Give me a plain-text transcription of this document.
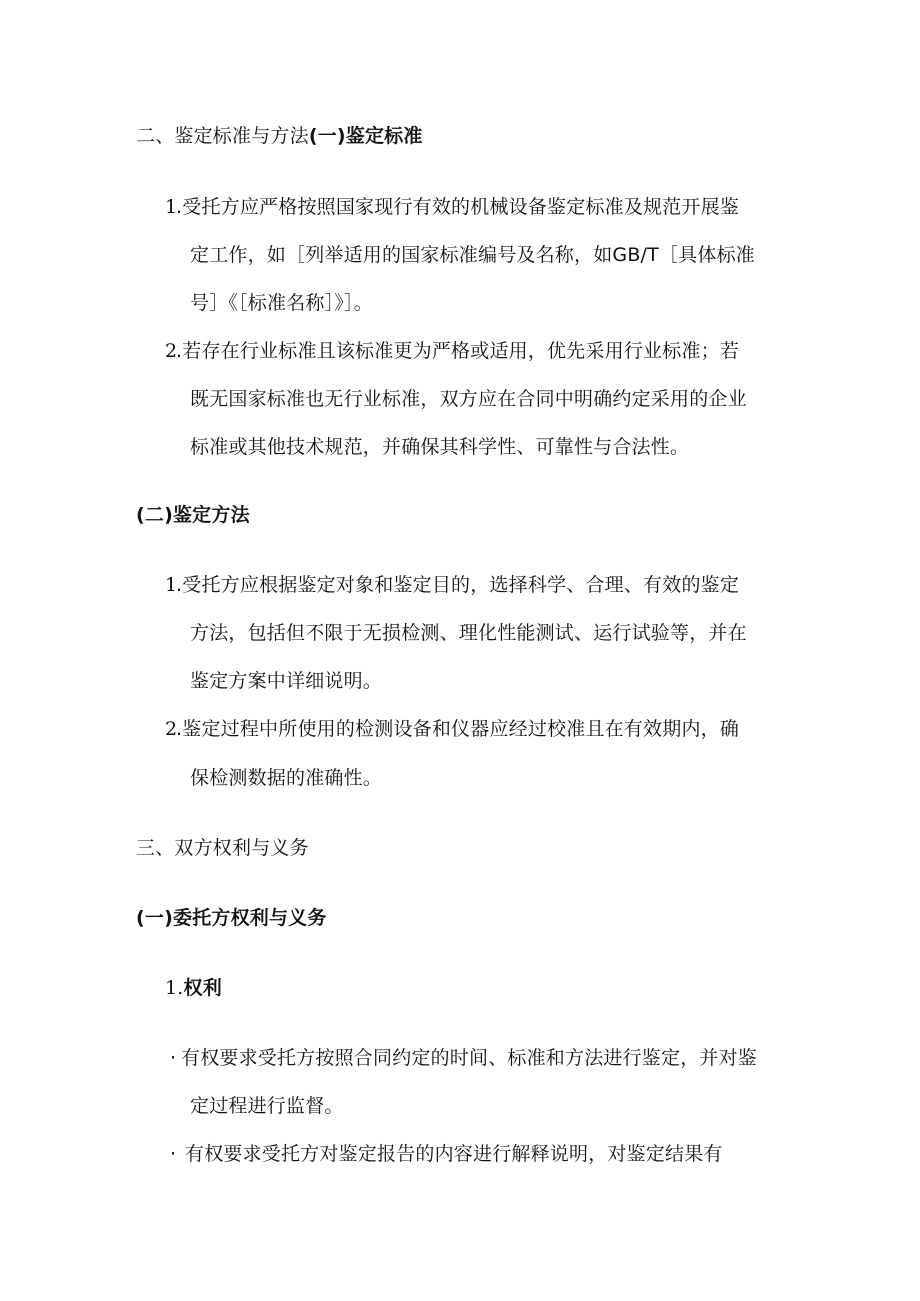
二、鉴定标准与方法(一)鉴定标准
1
.受托方应严格按照国家现行有效的机械设备鉴定标准及规范开展鉴
定工作，如［列举适用的国家标准编号及名称，如GB/T［具体标准
号］《［标准名称］》］。
2
.若存在行业标准且该标准更为严格或适用，优先采用行业标准；若
既无国家标准也无行业标准，双方应在合同中明确约定采用的企业
标准或其他技术规范，并确保其科学性、可靠性与合法性。
(二)鉴定方法
1
.受托方应根据鉴定对象和鉴定目的，选择科学、合理、有效的鉴定
方法，包括但不限于无损检测、理化性能测试、运行试验等，并在
鉴定方案中详细说明。
2
.鉴定过程中所使用的检测设备和仪器应经过校准且在有效期内，确
保检测数据的准确性。
三、双方权利与义务
(一)委托方权利与义务
1.权利
· 有权要求受托方按照合同约定的时间、标准和方法进行鉴定，并对鉴
定过程进行监督。
· 有权要求受托方对鉴定报告的内容进行解释说明，对鉴定结果有
